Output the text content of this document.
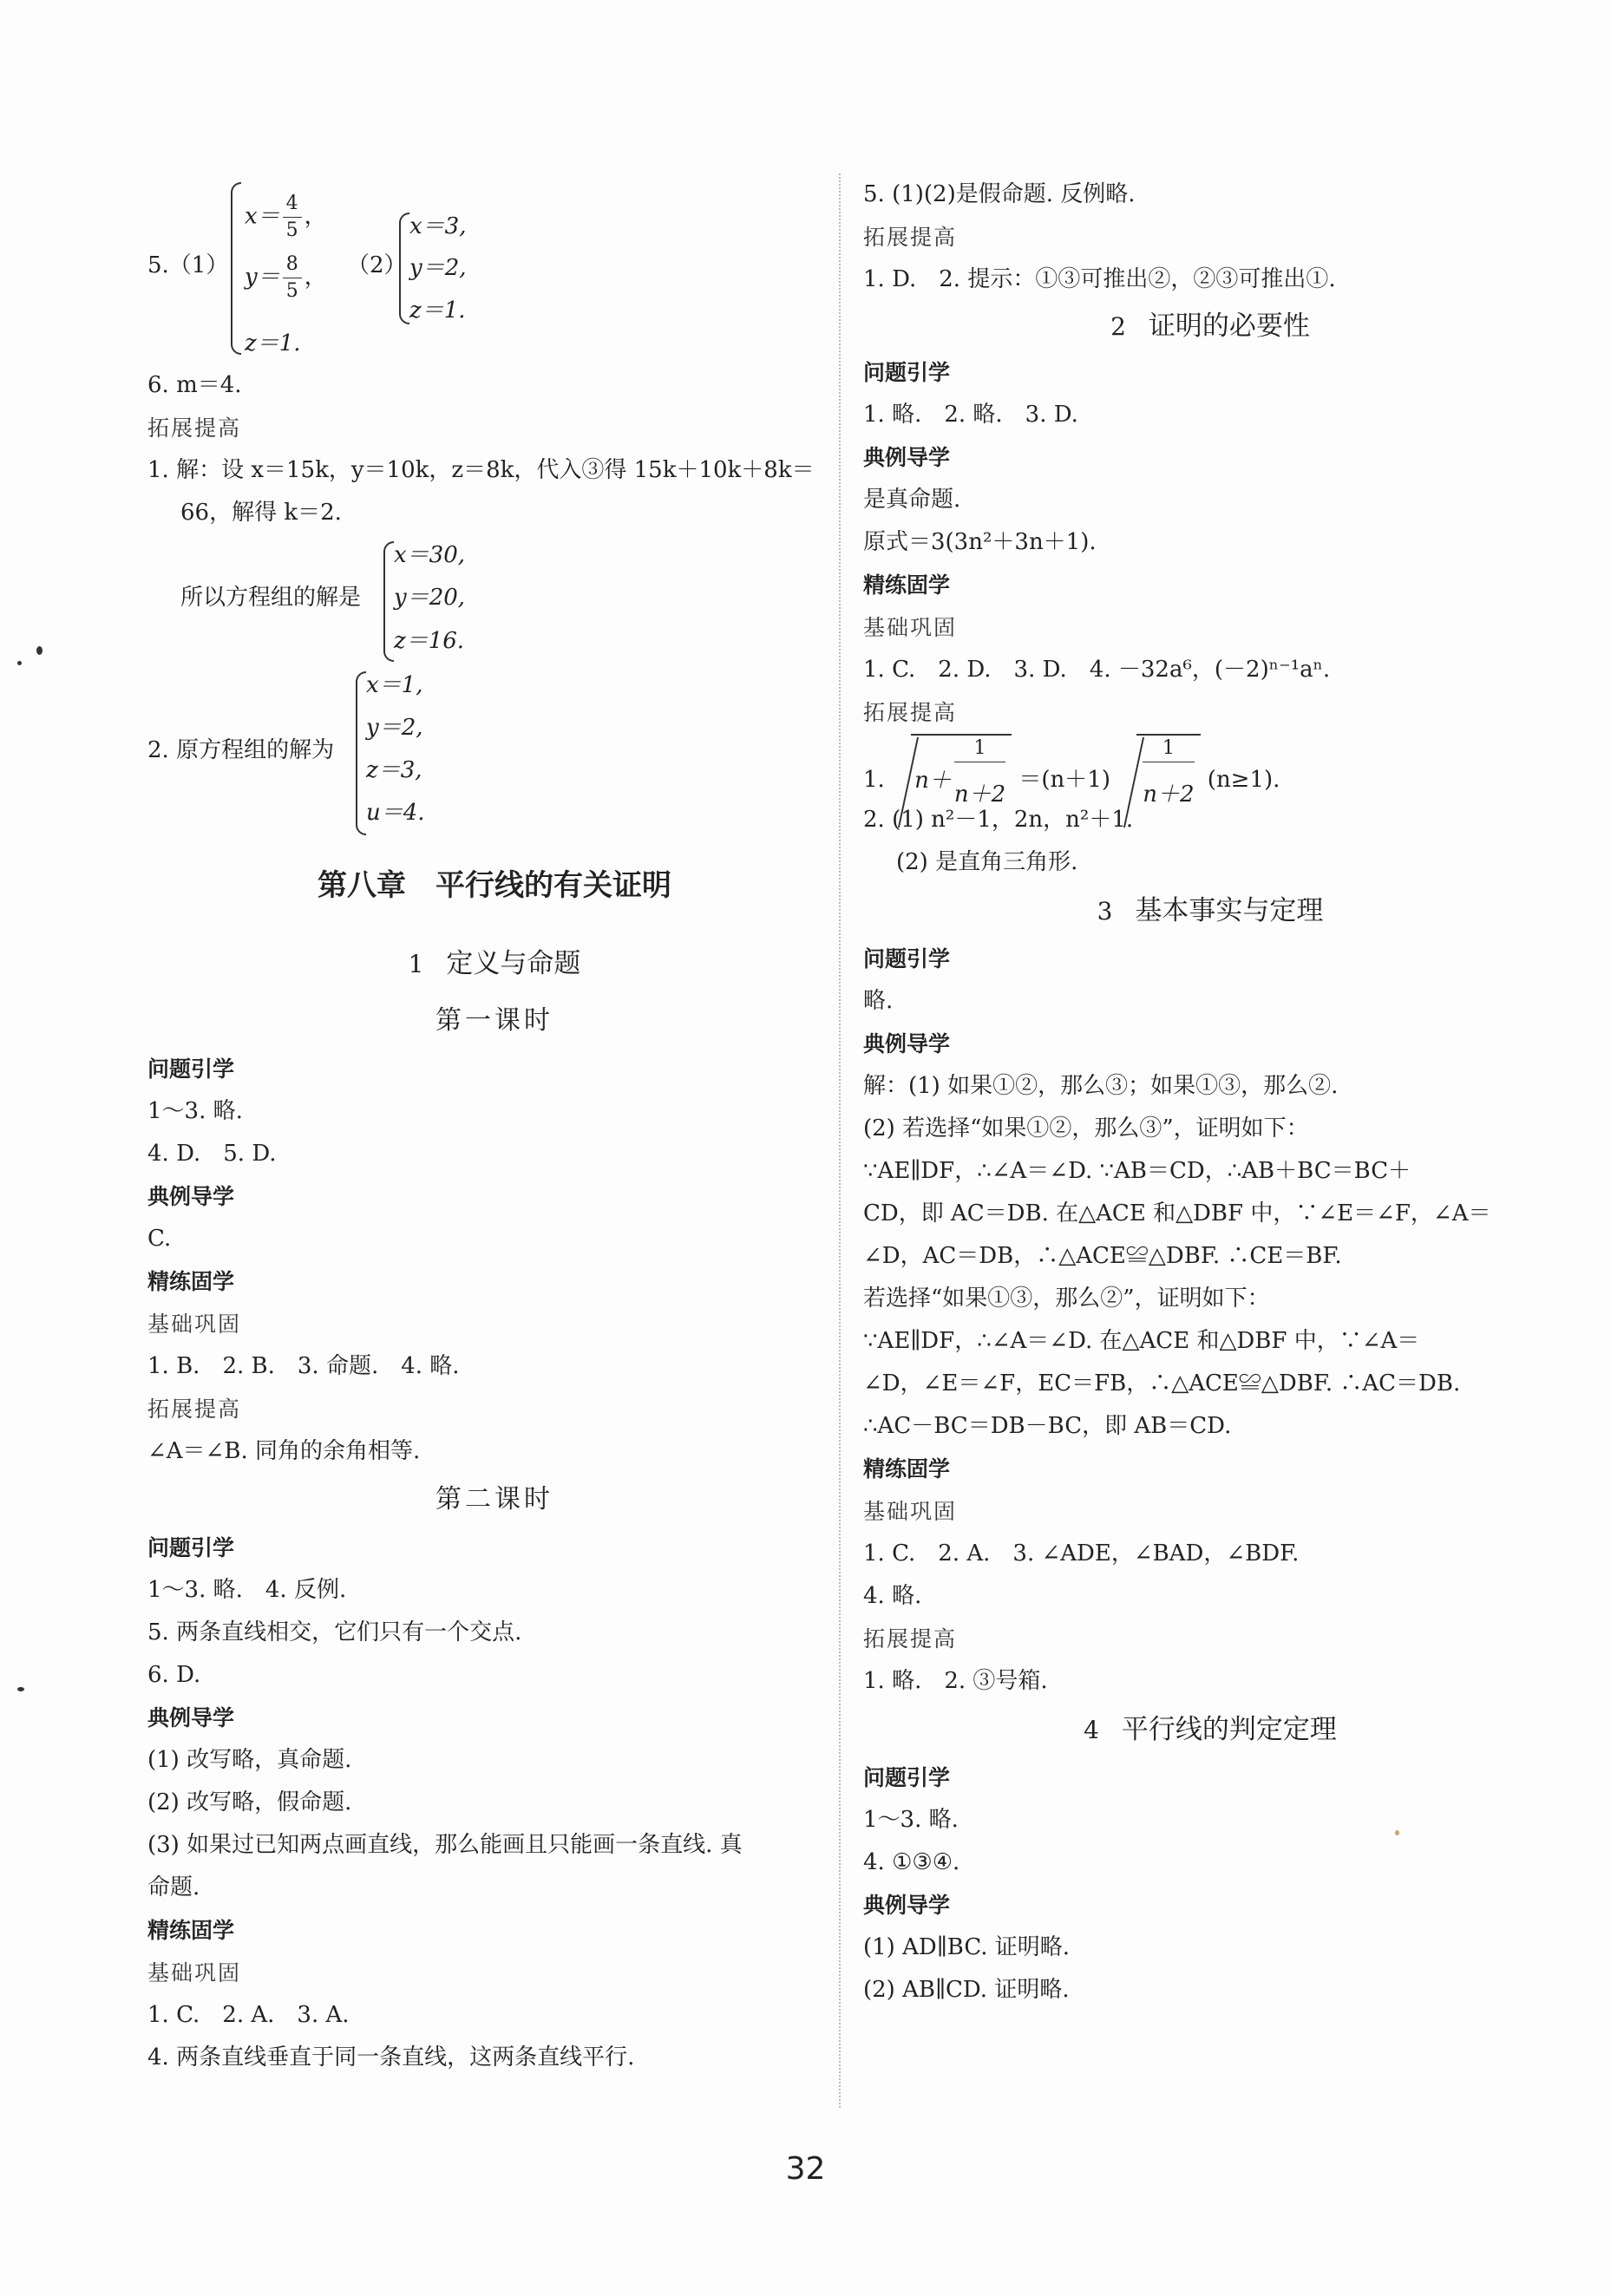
5.（1）
$x= \frac{4}{5}$ ，
$y= \frac{8}{5}$ ，
z＝1.
（2）
x＝3,
y＝2,
z＝1.
6. m＝4.
拓展提高
1. 解：设 x＝15k，y＝10k，z＝8k，代入③得 15k＋10k＋8k＝
66，解得 k＝2.
所以方程组的解是
x＝30,
y＝20,
z＝16.
2. 原方程组的解为
x＝1,
y＝2,
z＝3,
u＝4.
第八章　平行线的有关证明
1 定义与命题
第一课时
问题引学
1～3. 略.
4. D.　5. D.
典例导学
C.
精练固学
基础巩固
1. B.　2. B.　3. 命题.　4. 略.
拓展提高
∠A＝∠B. 同角的余角相等.
第二课时
问题引学
1～3. 略.　4. 反例.
5. 两条直线相交，它们只有一个交点.
6. D.
典例导学
(1) 改写略，真命题.
(2) 改写略，假命题.
(3) 如果过已知两点画直线，那么能画且只能画一条直线. 真
命题.
精练固学
基础巩固
1. C.　2. A.　3. A.
4. 两条直线垂直于同一条直线，这两条直线平行.
5. (1)(2)是假命题. 反例略.
拓展提高
1. D.　2. 提示：①③可推出②，②③可推出①.
2 证明的必要性
问题引学
1. 略.　2. 略.　3. D.
典例导学
是真命题.
原式＝3(3n²＋3n＋1).
精练固学
基础巩固
1. C.　2. D.　3. D.　4. －32a⁶，(－2)ⁿ⁻¹aⁿ.
拓展提高
1. $n+ \frac{1}{n+2} =(n+1) \frac{1}{n+2} (n\ge 1)$.
2. (1) n²－1，2n，n²＋1.
(2) 是直角三角形.
3 基本事实与定理
问题引学
略.
典例导学
解：(1) 如果①②，那么③；如果①③，那么②.
(2) 若选择“如果①②，那么③”，证明如下：
∵AE∥DF，∴∠A＝∠D. ∵AB＝CD，∴AB＋BC＝BC＋
CD，即 AC＝DB. 在△ACE 和△DBF 中，∵∠E＝∠F，∠A＝
∠D，AC＝DB，∴△ACE≌△DBF. ∴CE＝BF.
若选择“如果①③，那么②”，证明如下：
∵AE∥DF，∴∠A＝∠D. 在△ACE 和△DBF 中，∵∠A＝
∠D，∠E＝∠F，EC＝FB，∴△ACE≌△DBF. ∴AC＝DB.
∴AC－BC＝DB－BC，即 AB＝CD.
精练固学
基础巩固
1. C.　2. A.　3. ∠ADE，∠BAD，∠BDF.
4. 略.
拓展提高
1. 略.　2. ③号箱.
4 平行线的判定定理
问题引学
1～3. 略.
4. ①③④.
典例导学
(1) AD∥BC. 证明略.
(2) AB∥CD. 证明略.
32
